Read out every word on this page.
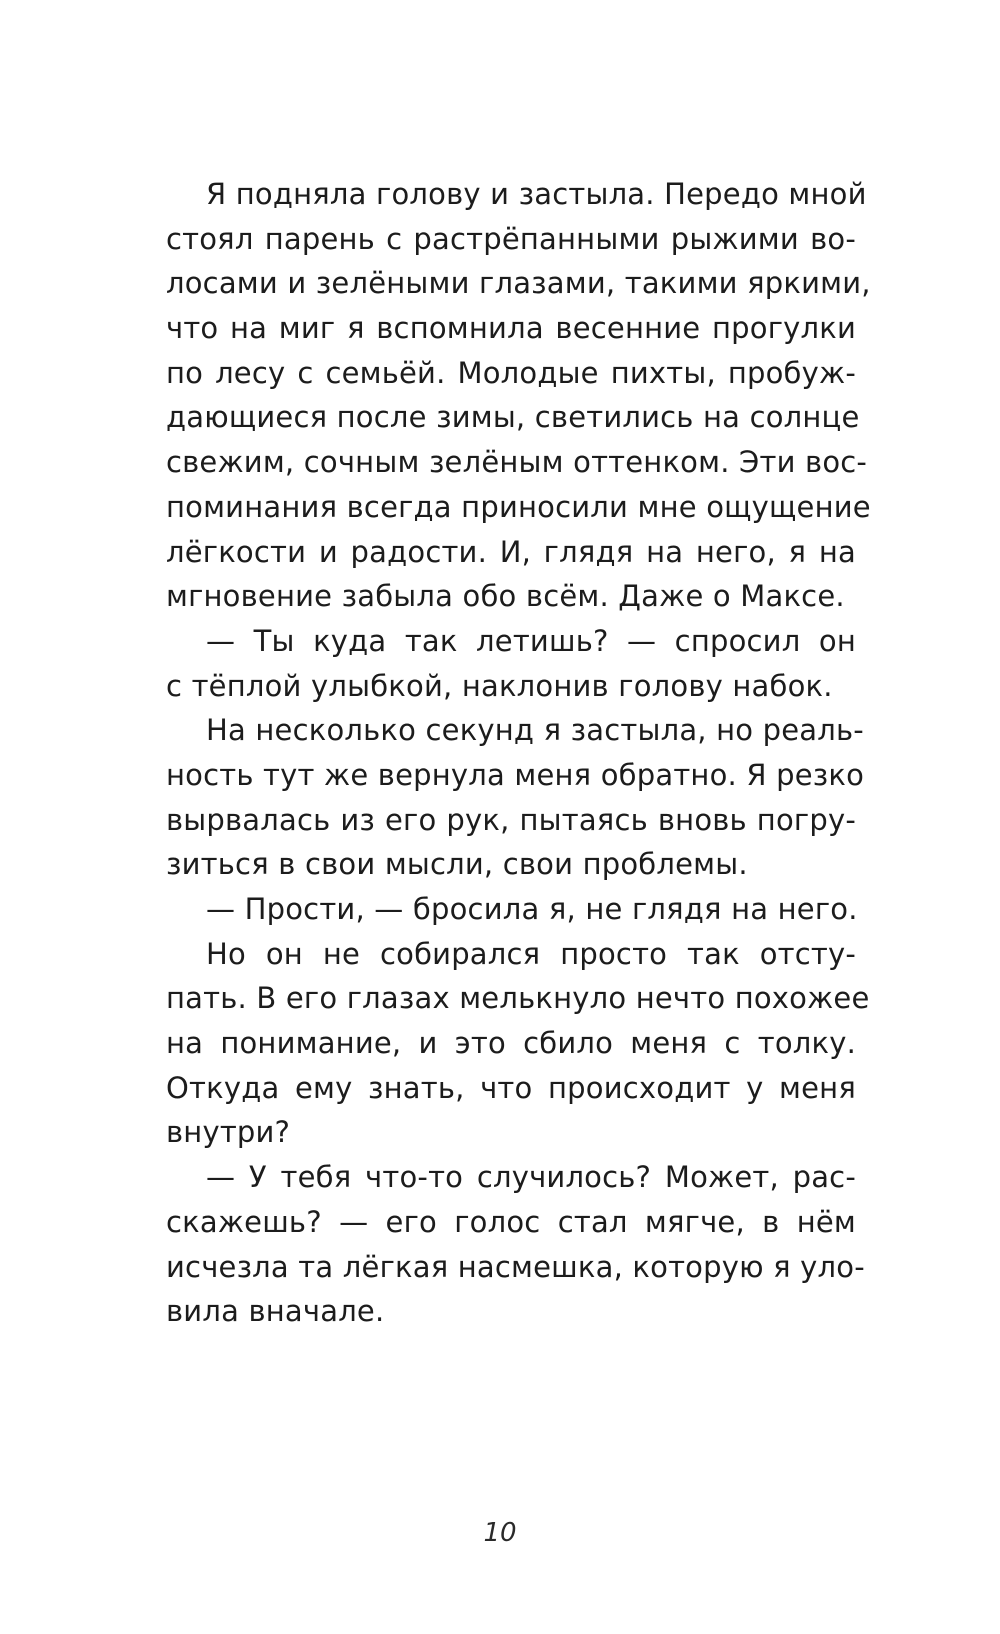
Я подняла голову и застыла. Передо мной
стоял парень с растрёпанными рыжими во-
лосами и зелёными глазами, такими яркими,
что на миг я вспомнила весенние прогулки
по лесу с семьёй. Молодые пихты, пробуж-
дающиеся после зимы, светились на солнце
свежим, сочным зелёным оттенком. Эти вос-
поминания всегда приносили мне ощущение
лёгкости и радости. И, глядя на него, я на
мгновение забыла обо всём. Даже о Максе.
— Ты куда так летишь? — спросил он
с тёплой улыбкой, наклонив голову набок.
На несколько секунд я застыла, но реаль-
ность тут же вернула меня обратно. Я резко
вырвалась из его рук, пытаясь вновь погру-
зиться в свои мысли, свои проблемы.
— Прости, — бросила я, не глядя на него.
Но он не собирался просто так отсту-
пать. В его глазах мелькнуло нечто похожее
на понимание, и это сбило меня с толку.
Откуда ему знать, что происходит у меня
внутри?
— У тебя что-то случилось? Может, рас-
скажешь? — его голос стал мягче, в нём
исчезла та лёгкая насмешка, которую я уло-
вила вначале.
10
